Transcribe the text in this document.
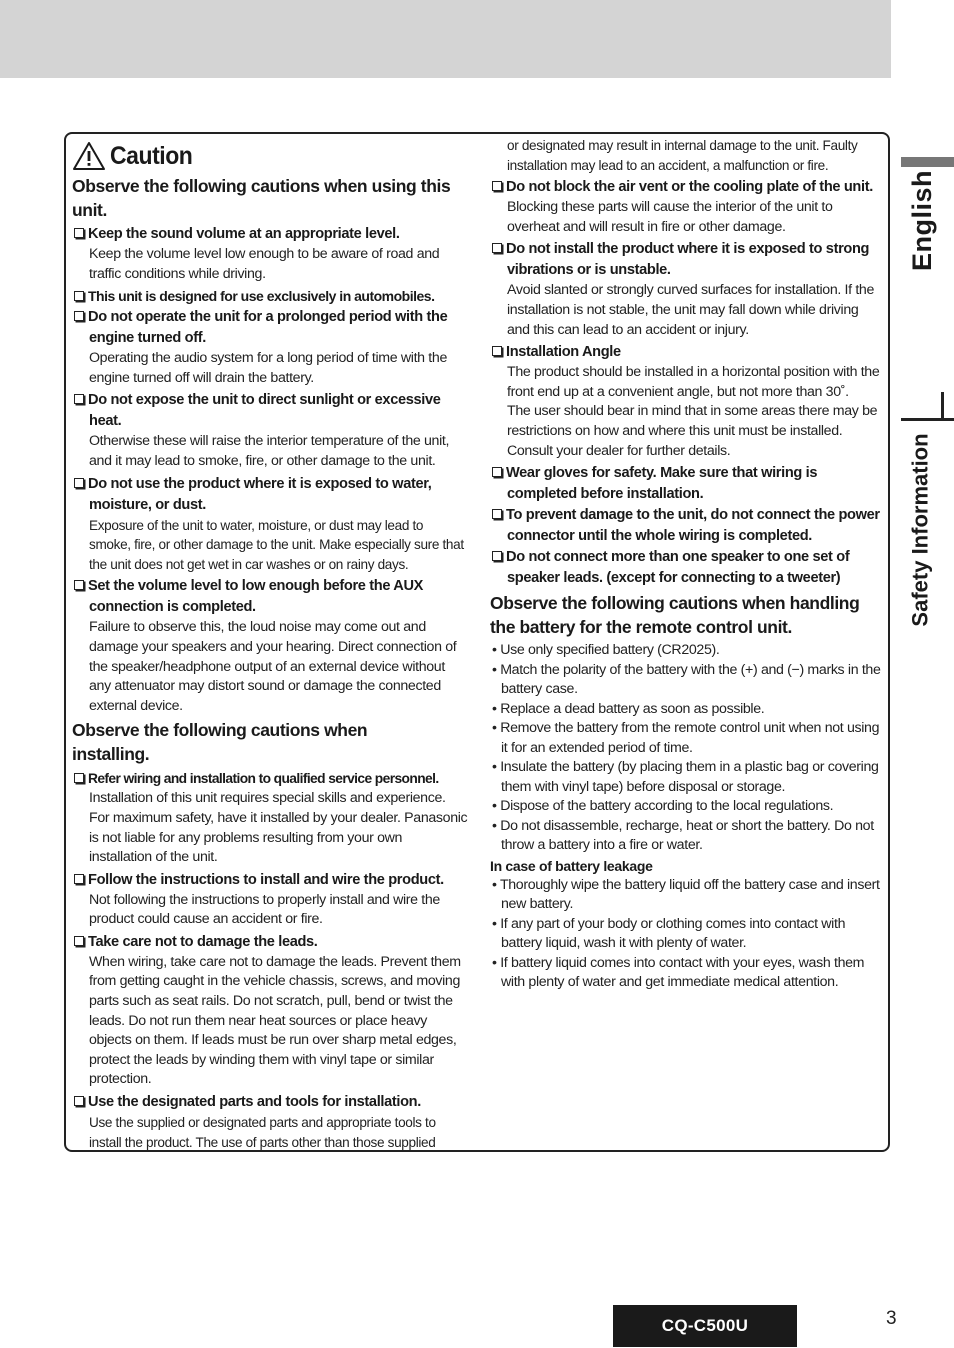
Caution

Observe the following cautions when using this unit.

Keep the sound volume at an appropriate level.

Keep the volume level low enough to be aware of road and traffic conditions while driving.

This unit is designed for use exclusively in automobiles.

Do not operate the unit for a prolonged period with the engine turned off.

Operating the audio system for a long period of time with the engine turned off will drain the battery.

Do not expose the unit to direct sunlight or excessive heat.

Otherwise these will raise the interior temperature of the unit, and it may lead to smoke, fire, or other damage to the unit.

Do not use the product where it is exposed to water, moisture, or dust.

Exposure of the unit to water, moisture, or dust may lead to smoke, fire, or other damage to the unit. Make especially sure that the unit does not get wet in car washes or on rainy days.

Set the volume level to low enough before the AUX connection is completed.

Failure to observe this, the loud noise may come out and damage your speakers and your hearing. Direct connection of the speaker/headphone output of an external device without any attenuator may distort sound or damage the connected external device.

Observe the following cautions when installing.

Refer wiring and installation to qualified service personnel.

Installation of this unit requires special skills and experience. For maximum safety, have it installed by your dealer. Panasonic is not liable for any problems resulting from your own installation of the unit.

Follow the instructions to install and wire the product.

Not following the instructions to properly install and wire the product could cause an accident or fire.

Take care not to damage the leads.

When wiring, take care not to damage the leads. Prevent them from getting caught in the vehicle chassis, screws, and moving parts such as seat rails. Do not scratch, pull, bend or twist the leads. Do not run them near heat sources or place heavy objects on them. If leads must be run over sharp metal edges, protect the leads by winding them with vinyl tape or similar protection.

Use the designated parts and tools for installation.

Use the supplied or designated parts and appropriate tools to install the product. The use of parts other than those supplied

or designated may result in internal damage to the unit. Faulty installation may lead to an accident, a malfunction or fire.

Do not block the air vent or the cooling plate of the unit.

Blocking these parts will cause the interior of the unit to overheat and will result in fire or other damage.

Do not install the product where it is exposed to strong vibrations or is unstable.

Avoid slanted or strongly curved surfaces for installation. If the installation is not stable, the unit may fall down while driving and this can lead to an accident or injury.

Installation Angle

The product should be installed in a horizontal position with the front end up at a convenient angle, but not more than 30˚.

The user should bear in mind that in some areas there may be restrictions on how and where this unit must be installed. Consult your dealer for further details.

Wear gloves for safety. Make sure that wiring is completed before installation.

To prevent damage to the unit, do not connect the power connector until the whole wiring is completed.

Do not connect more than one speaker to one set of speaker leads. (except for connecting to a tweeter)

Observe the following cautions when handling the battery for the remote control unit.

• Use only specified battery (CR2025).

• Match the polarity of the battery with the (+) and (−) marks in the battery case.

• Replace a dead battery as soon as possible.

• Remove the battery from the remote control unit when not using it for an extended period of time.

• Insulate the battery (by placing them in a plastic bag or covering them with vinyl tape) before disposal or storage.

• Dispose of the battery according to the local regulations.

• Do not disassemble, recharge, heat or short the battery. Do not throw a battery into a fire or water.

In case of battery leakage

• Thoroughly wipe the battery liquid off the battery case and insert new battery.

• If any part of your body or clothing comes into contact with battery liquid, wash it with plenty of water.

• If battery liquid comes into contact with your eyes, wash them with plenty of water and get immediate medical attention.

English
Safety Information
CQ-C500U	3
